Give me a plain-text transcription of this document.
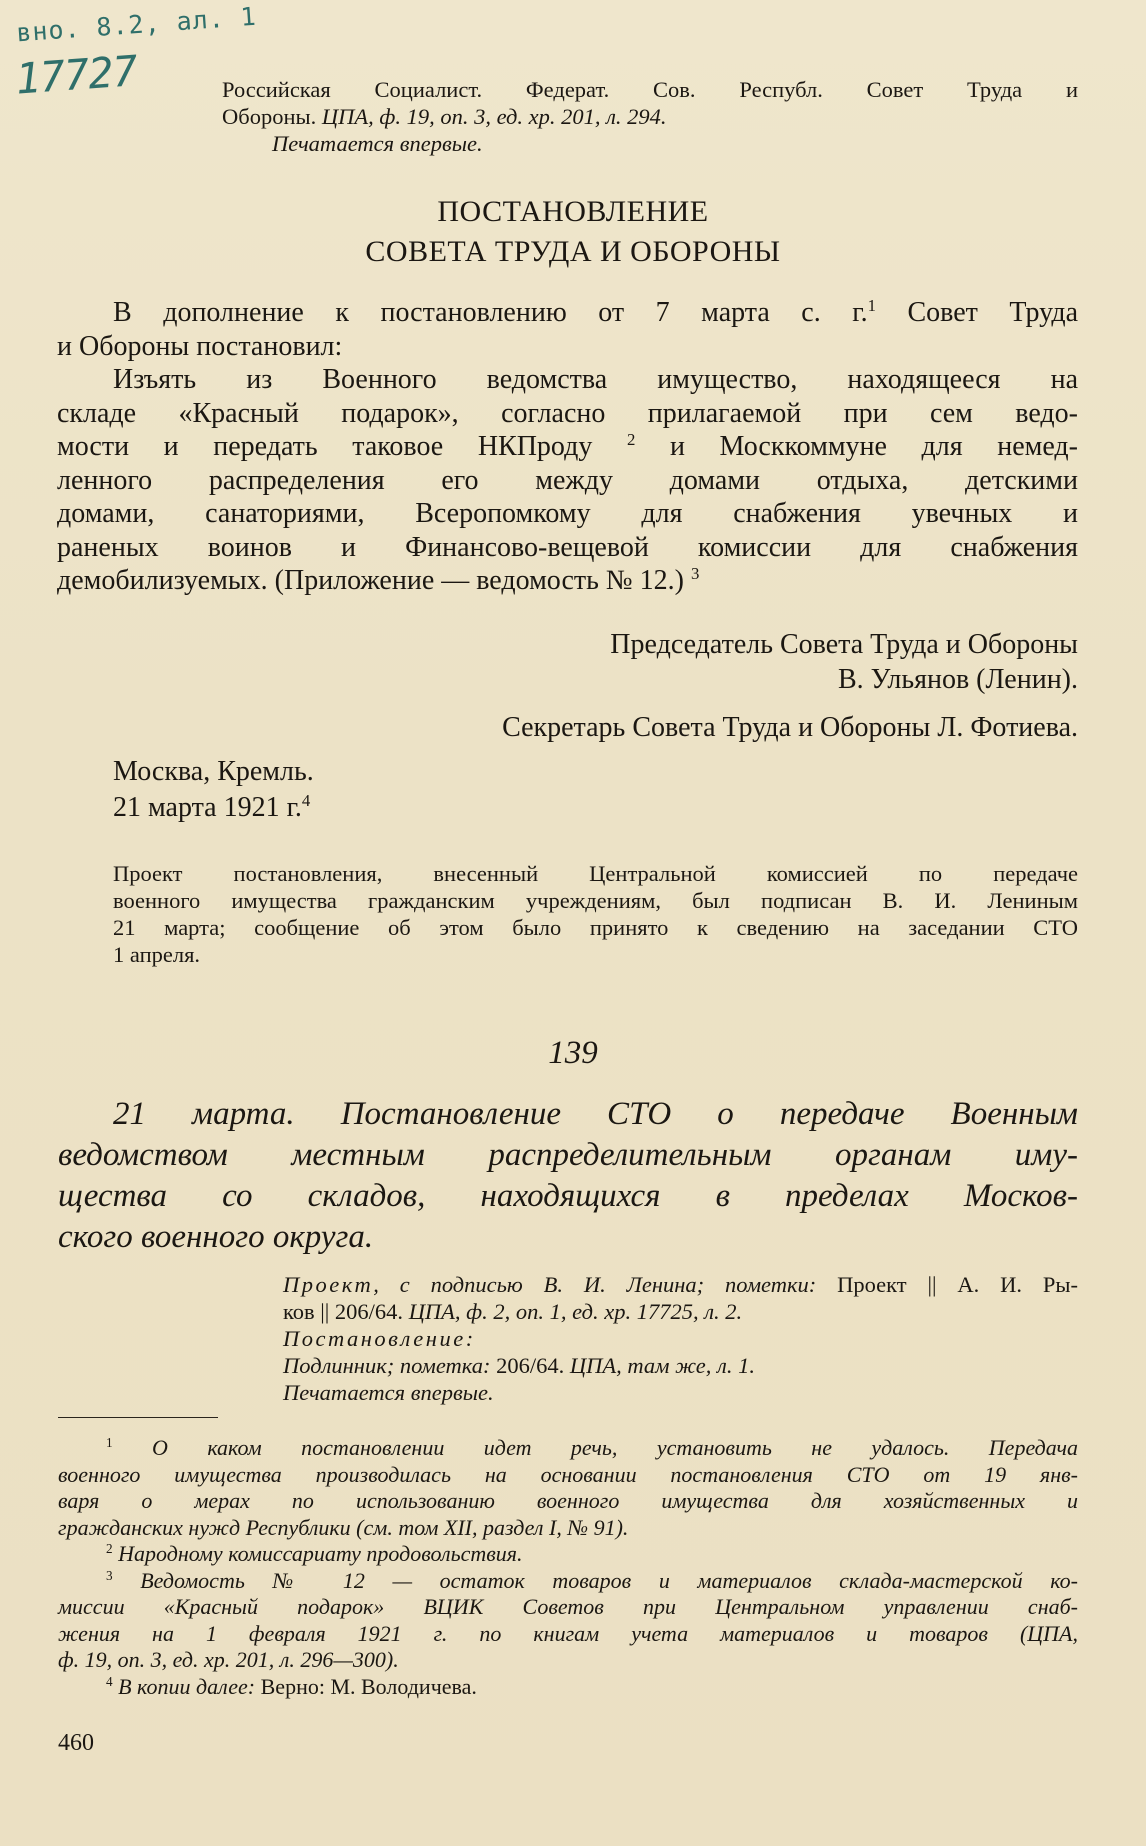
вно. 8.2, ал. 1
17727	Российская Социалист. Федерат. Сов. Республ. Совет Труда и
Обороны. ЦПА, ф. 19, оп. 3, ед. хр. 201, л. 294.
Печатается впервые.
ПОСТАНОВЛЕНИЕ
СОВЕТА ТРУДА И ОБОРОНЫ
В дополнение к постановлению от 7 марта с. г.$^1$ Совет Труда
и Обороны постановил:
Изъять из Военного ведомства имущество, находящееся на
складе «Красный подарок», согласно прилагаемой при сем ведо-
мости и передать таковое НКПроду $^2$ и Москкоммуне для немед-
ленного распределения его между домами отдыха, детскими
домами, санаториями, Всеропомкому для снабжения увечных и
раненых воинов и Финансово-вещевой комиссии для снабжения
демобилизуемых. (Приложение — ведомость № 12.) $^3$
Председатель Совета Труда и Обороны
В. Ульянов (Ленин).
Секретарь Совета Труда и Обороны Л. Фотиева.
Москва, Кремль.
21 марта 1921 г.$^4$
Проект постановления, внесенный Центральной комиссией по передаче
военного имущества гражданским учреждениям, был подписан В. И. Лениным
21 марта; сообщение об этом было принято к сведению на заседании СТО
1 апреля.
139
21 марта. Постановление СТО о передаче Военным
ведомством местным распределительным органам иму-
щества со складов, находящихся в пределах Москов-
ского военного округа.
Проект, с подписью В. И. Ленина; пометки: Проект || А. И. Ры-
ков || 206/64. ЦПА, ф. 2, оп. 1, ед. хр. 17725, л. 2.
Постановление:
Подлинник; пометка: 206/64. ЦПА, там же, л. 1.
Печатается впервые.
$^1$ О каком постановлении идет речь, установить не удалось. Передача
военного имущества производилась на основании постановления СТО от 19 янв-
варя о мерах по использованию военного имущества для хозяйственных и
гражданских нужд Республики (см. том XII, раздел I, № 91).
$^2$ Народному комиссариату продовольствия.
$^3$ Ведомость № 12 — остаток товаров и материалов склада-мастерской ко-
миссии «Красный подарок» ВЦИК Советов при Центральном управлении снаб-
жения на 1 февраля 1921 г. по книгам учета материалов и товаров (ЦПА,
ф. 19, оп. 3, ед. хр. 201, л. 296—300).
$^4$ В копии далее: Верно: М. Володичева.
460
